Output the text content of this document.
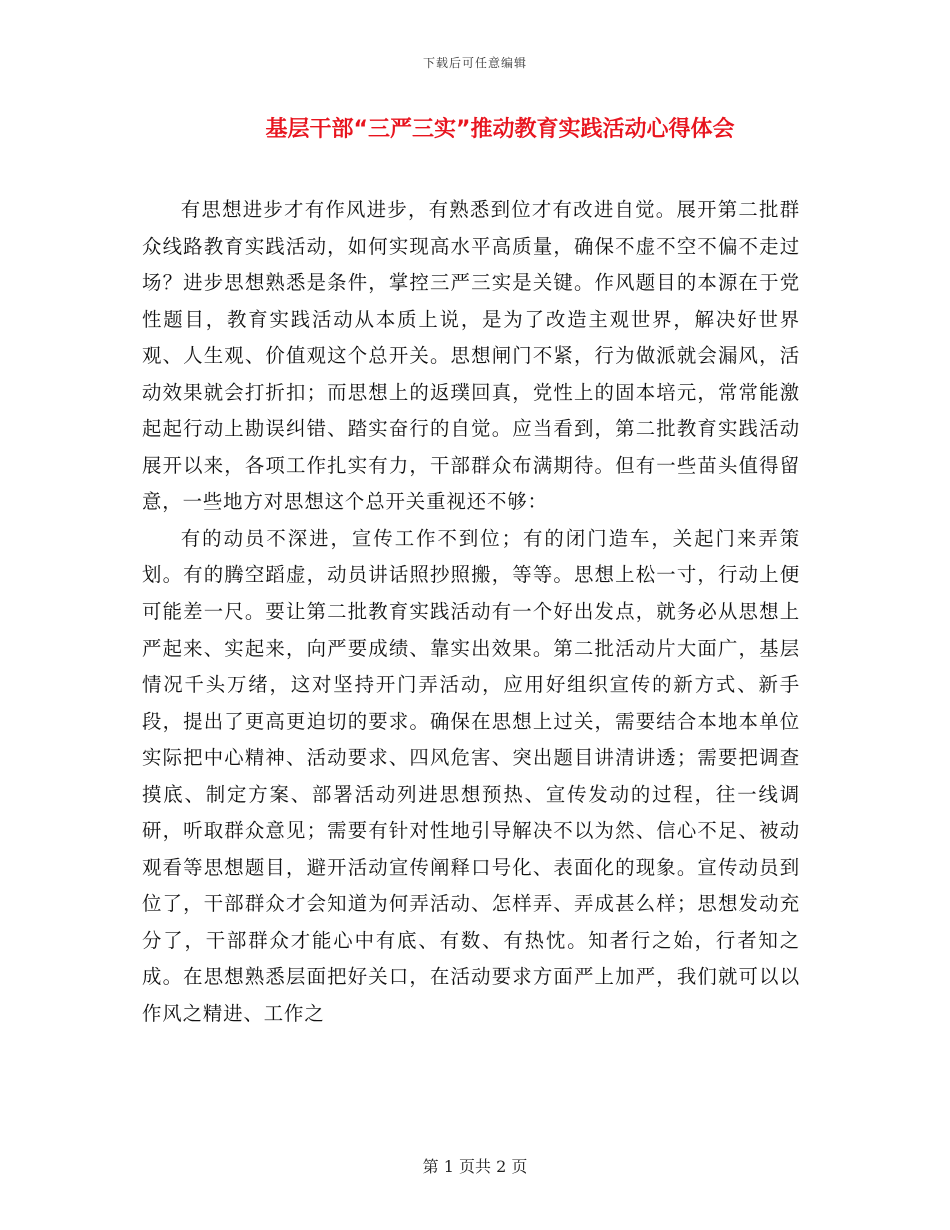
下载后可任意编辑
基层干部“三严三实”推动教育实践活动心得体会

有思想进步才有作风进步，有熟悉到位才有改进自觉。展开第二批群众线路教育实践活动，如何实现高水平高质量，确保不虚不空不偏不走过场？进步思想熟悉是条件，掌控三严三实是关键。作风题目的本源在于党性题目，教育实践活动从本质上说，是为了改造主观世界，解决好世界观、人生观、价值观这个总开关。思想闸门不紧，行为做派就会漏风，活动效果就会打折扣；而思想上的返璞回真，党性上的固本培元，常常能激起起行动上勘误纠错、踏实奋行的自觉。应当看到，第二批教育实践活动展开以来，各项工作扎实有力，干部群众布满期待。但有一些苗头值得留意，一些地方对思想这个总开关重视还不够：

有的动员不深进，宣传工作不到位；有的闭门造车，关起门来弄策划。有的腾空蹈虚，动员讲话照抄照搬，等等。思想上松一寸，行动上便可能差一尺。要让第二批教育实践活动有一个好出发点，就务必从思想上严起来、实起来，向严要成绩、靠实出效果。第二批活动片大面广，基层情况千头万绪，这对坚持开门弄活动，应用好组织宣传的新方式、新手段，提出了更高更迫切的要求。确保在思想上过关，需要结合本地本单位实际把中心精神、活动要求、四风危害、突出题目讲清讲透；需要把调查摸底、制定方案、部署活动列进思想预热、宣传发动的过程，往一线调研，听取群众意见；需要有针对性地引导解决不以为然、信心不足、被动观看等思想题目，避开活动宣传阐释口号化、表面化的现象。宣传动员到位了，干部群众才会知道为何弄活动、怎样弄、弄成甚么样；思想发动充分了，干部群众才能心中有底、有数、有热忱。知者行之始，行者知之成。在思想熟悉层面把好关口，在活动要求方面严上加严，我们就可以以作风之精进、工作之

第 1 页共 2 页
